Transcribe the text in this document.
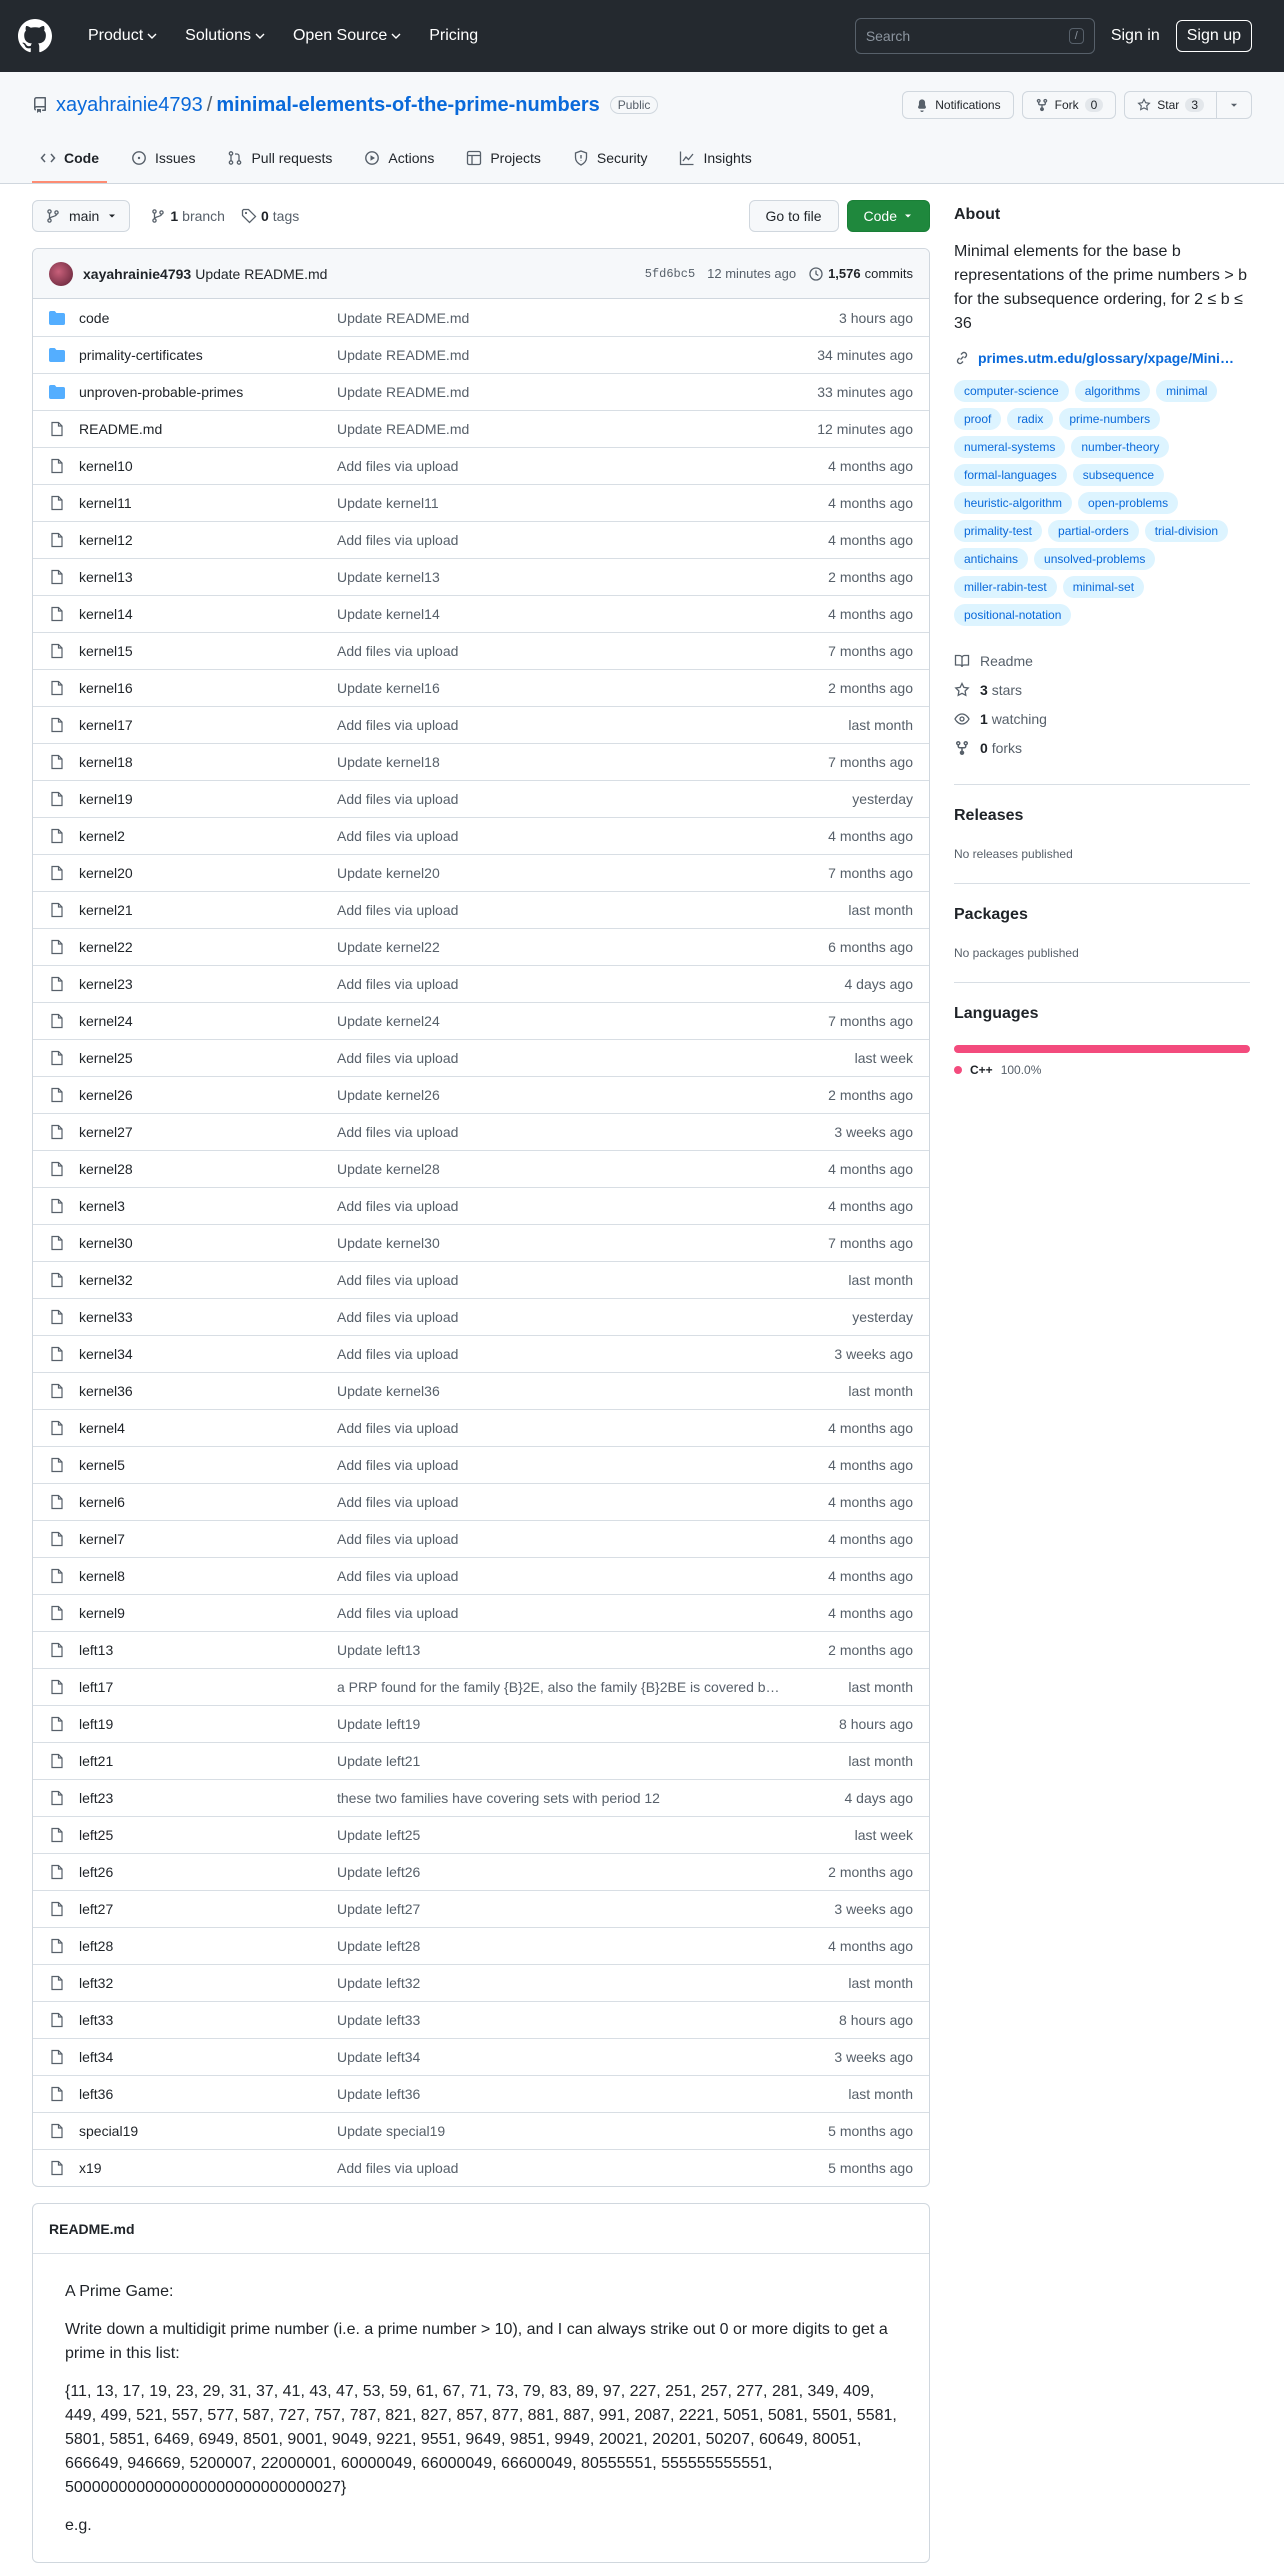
Product	Solutions	Open Source	Pricing	Search	/	Sign in	Sign up
xayahrainie4793 / minimal-elements-of-the-prime-numbers	Public	Notifications	Fork	0	Star	3
Code	Issues	Pull requests	Actions	Projects	Security	Insights
main	1 branch	0 tags	Go to file	Code
xayahrainie4793 Update README.md	5fd6bc5 12 minutes ago 1,576 commits
code	Update README.md	3 hours ago
primality-certificates	Update README.md	34 minutes ago
unproven-probable-primes	Update README.md	33 minutes ago
README.md	Update README.md	12 minutes ago
kernel10	Add files via upload	4 months ago
kernel11	Update kernel11	4 months ago
kernel12	Add files via upload	4 months ago
kernel13	Update kernel13	2 months ago
kernel14	Update kernel14	4 months ago
kernel15	Add files via upload	7 months ago
kernel16	Update kernel16	2 months ago
kernel17	Add files via upload	last month
kernel18	Update kernel18	7 months ago
kernel19	Add files via upload	yesterday
kernel2	Add files via upload	4 months ago
kernel20	Update kernel20	7 months ago
kernel21	Add files via upload	last month
kernel22	Update kernel22	6 months ago
kernel23	Add files via upload	4 days ago
kernel24	Update kernel24	7 months ago
kernel25	Add files via upload	last week
kernel26	Update kernel26	2 months ago
kernel27	Add files via upload	3 weeks ago
kernel28	Update kernel28	4 months ago
kernel3	Add files via upload	4 months ago
kernel30	Update kernel30	7 months ago
kernel32	Add files via upload	last month
kernel33	Add files via upload	yesterday
kernel34	Add files via upload	3 weeks ago
kernel36	Update kernel36	last month
kernel4	Add files via upload	4 months ago
kernel5	Add files via upload	4 months ago
kernel6	Add files via upload	4 months ago
kernel7	Add files via upload	4 months ago
kernel8	Add files via upload	4 months ago
kernel9	Add files via upload	4 months ago
left13	Update left13	2 months ago
left17	a PRP found for the family {B}2E, also the family {B}2BE is covered b…	last month
left19	Update left19	8 hours ago
left21	Update left21	last month
left23	these two families have covering sets with period 12	4 days ago
left25	Update left25	last week
left26	Update left26	2 months ago
left27	Update left27	3 weeks ago
left28	Update left28	4 months ago
left32	Update left32	last month
left33	Update left33	8 hours ago
left34	Update left34	3 weeks ago
left36	Update left36	last month
special19	Update special19	5 months ago
x19	Add files via upload	5 months ago
README.md

A Prime Game:

Write down a multidigit prime number (i.e. a prime number > 10), and I can always strike out 0 or more digits to get a prime in this list:

{11, 13, 17, 19, 23, 29, 31, 37, 41, 43, 47, 53, 59, 61, 67, 71, 73, 79, 83, 89, 97, 227, 251, 257, 277, 281, 349, 409, 449, 499, 521, 557, 577, 587, 727, 757, 787, 821, 827, 857, 877, 881, 887, 991, 2087, 2221, 5051, 5081, 5501, 5581, 5801, 5851, 6469, 6949, 8501, 9001, 9049, 9221, 9551, 9649, 9851, 9949, 20021, 20201, 50207, 60649, 80051, 666649, 946669, 5200007, 22000001, 60000049, 66000049, 66600049, 80555551, 555555555551, 5000000000000000000000000000027}

e.g.

About
Minimal elements for the base b representations of the prime numbers > b for the subsequence ordering, for 2 ≤ b ≤ 36
primes.utm.edu/glossary/xpage/Mini…
computer-science	algorithms	minimal
proof	radix	prime-numbers
numeral-systems	number-theory
formal-languages	subsequence
heuristic-algorithm	open-problems
primality-test	partial-orders	trial-division
antichains	unsolved-problems
miller-rabin-test	minimal-set
positional-notation
Readme
3 stars
1 watching
0 forks
Releases
No releases published
Packages
No packages published
Languages
C++ 100.0%
